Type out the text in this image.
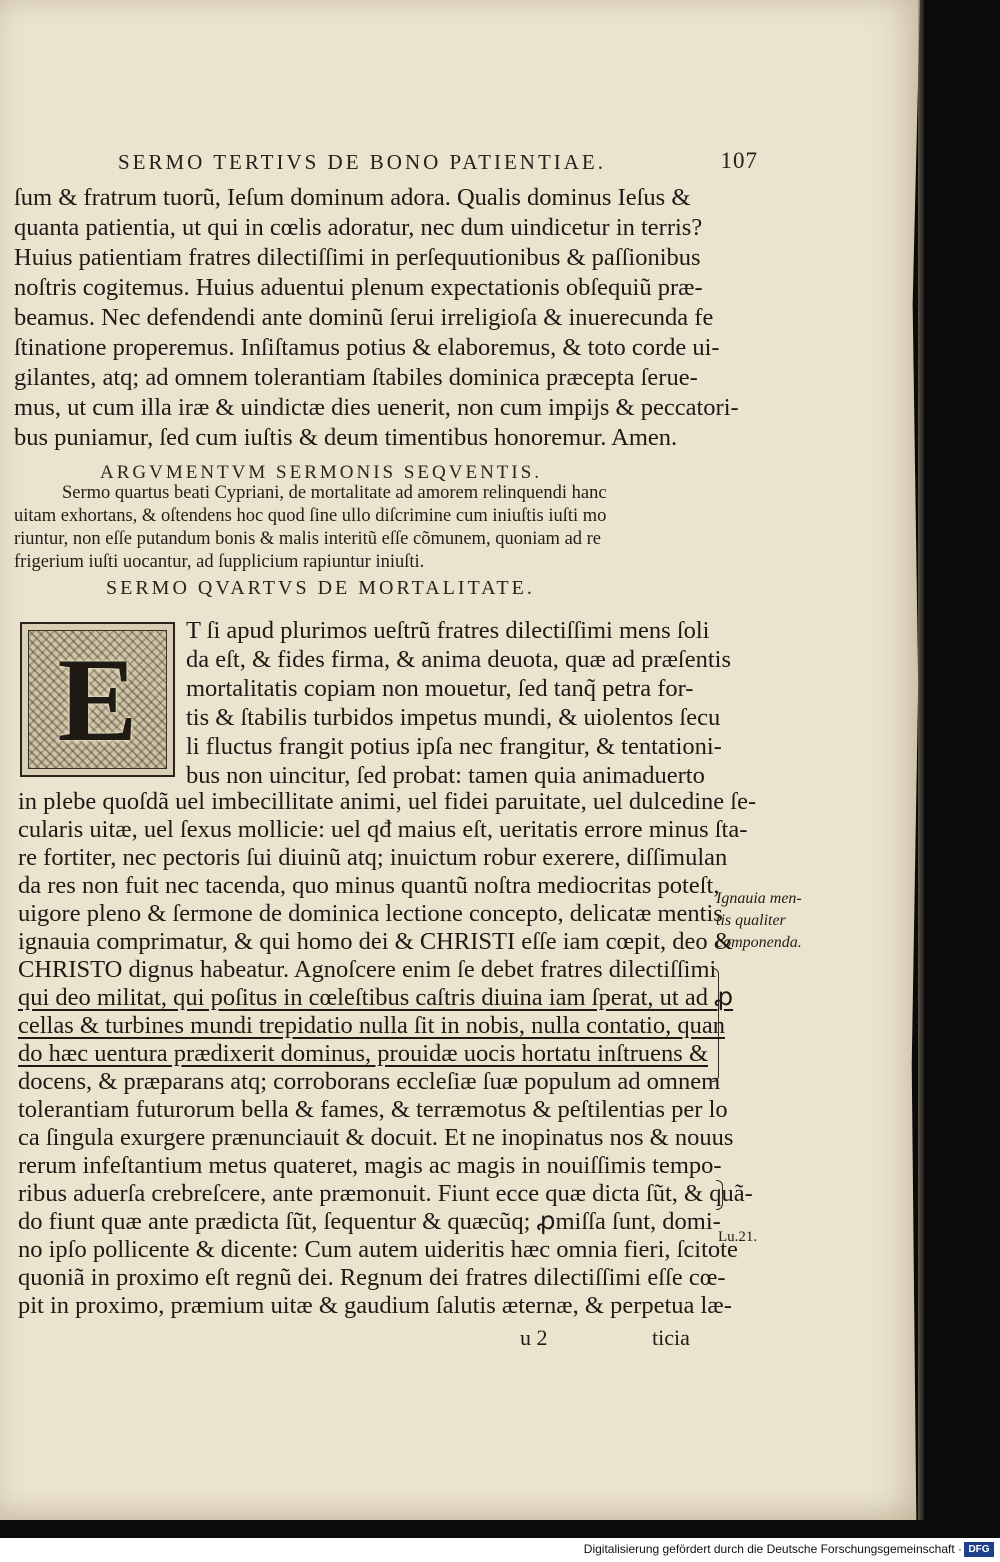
SERMO TERTIVS DE BONO PATIENTIAE.	107
ſum & fratrum tuorũ, Ieſum dominum adora. Qualis dominus Ieſus &
quanta patientia, ut qui in cœlis adoratur, nec dum uindicetur in terris?
Huius patientiam fratres dilectiſſimi in perſequutionibus & paſſionibus
noſtris cogitemus. Huius aduentui plenum expectationis obſequiũ præ-
beamus. Nec defendendi ante dominũ ſerui irreligioſa & inuerecunda fe
ſtinatione properemus. Inſiſtamus potius & elaboremus, & toto corde ui-
gilantes, atq; ad omnem tolerantiam ſtabiles dominica præcepta ſerue-
mus, ut cum illa iræ & uindictæ dies uenerit, non cum impijs & peccatori-
bus puniamur, ſed cum iuſtis & deum timentibus honoremur. Amen.
ARGVMENTVM SERMONIS SEQVENTIS.
Sermo quartus beati Cypriani, de mortalitate ad amorem relinquendi hanc
uitam exhortans, & oſtendens hoc quod ſine ullo diſcrimine cum iniuſtis iuſti mo
riuntur, non eſſe putandum bonis & malis interitũ eſſe cõmunem, quoniam ad re
frigerium iuſti uocantur, ad ſupplicium rapiuntur iniuſti.
SERMO QVARTVS DE MORTALITATE.
E
T ſi apud plurimos ueſtrũ fratres dilectiſſimi mens ſoli
da eſt, & fides firma, & anima deuota, quæ ad præſentis
mortalitatis copiam non mouetur, ſed tanq̃ petra for-
tis & ſtabilis turbidos impetus mundi, & uiolentos ſecu
li fluctus frangit potius ipſa nec frangitur, & tentationi-
bus non uincitur, ſed probat: tamen quia animaduerto
in plebe quoſdã uel imbecillitate animi, uel fidei paruitate, uel dulcedine ſe-
cularis uitæ, uel ſexus mollicie: uel qđ maius eſt, ueritatis errore minus ſta-
re fortiter, nec pectoris ſui diuinũ atq; inuictum robur exerere, diſſimulan
da res non fuit nec tacenda, quo minus quantũ noſtra mediocritas poteſt,
uigore pleno & ſermone de dominica lectione concepto, delicatæ mentis
ignauia comprimatur, & qui homo dei & CHRISTI eſſe iam cœpit, deo &
CHRISTO dignus habeatur. Agnoſcere enim ſe debet fratres dilectiſſimi
qui deo militat, qui poſitus in cœleſtibus caſtris diuina iam ſperat, ut ad ꝓ
cellas & turbines mundi trepidatio nulla ſit in nobis, nulla contatio, quan
do hæc uentura prædixerit dominus, prouidæ uocis hortatu inſtruens &
docens, & præparans atq; corroborans eccleſiæ ſuæ populum ad omnem
tolerantiam futurorum bella & fames, & terræmotus & peſtilentias per lo
ca ſingula exurgere prænunciauit & docuit. Et ne inopinatus nos & nouus
rerum infeſtantium metus quateret, magis ac magis in nouiſſimis tempo-
ribus aduerſa crebreſcere, ante præmonuit. Fiunt ecce quæ dicta ſũt, & quã-
do fiunt quæ ante prædicta ſũt, ſequentur & quæcũq; ꝓmiſſa ſunt, domi-
no ipſo pollicente & dicente: Cum autem uideritis hæc omnia fieri, ſcitote
quoniã in proximo eſt regnũ dei. Regnum dei fratres dilectiſſimi eſſe cœ-
pit in proximo, præmium uitæ & gaudium ſalutis æternæ, & perpetua læ-
Ignauia men-
tis qualiter
componenda.
Lu.21.
u 2	ticia
Digitalisierung gefördert durch die Deutsche Forschungsgemeinschaft · DFG
